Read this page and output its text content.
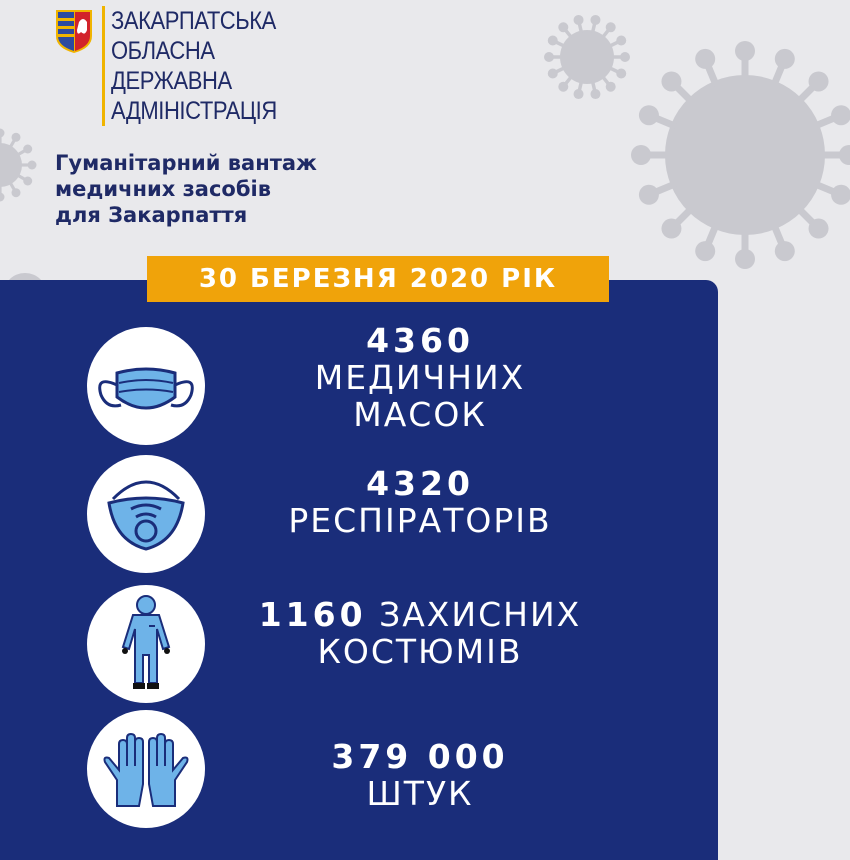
ЗАКАРПАТСЬКА
ОБЛАСНА
ДЕРЖАВНА
АДМІНІСТРАЦІЯ
Гуманітарний вантаж
медичних засобів
для Закарпаття
30 БЕРЕЗНЯ 2020 РІК
4360
МЕДИЧНИХ
МАСОК
4320
РЕСПІРАТОРІВ
1160 ЗАХИСНИХ
КОСТЮМІВ
379 000
ШТУК
